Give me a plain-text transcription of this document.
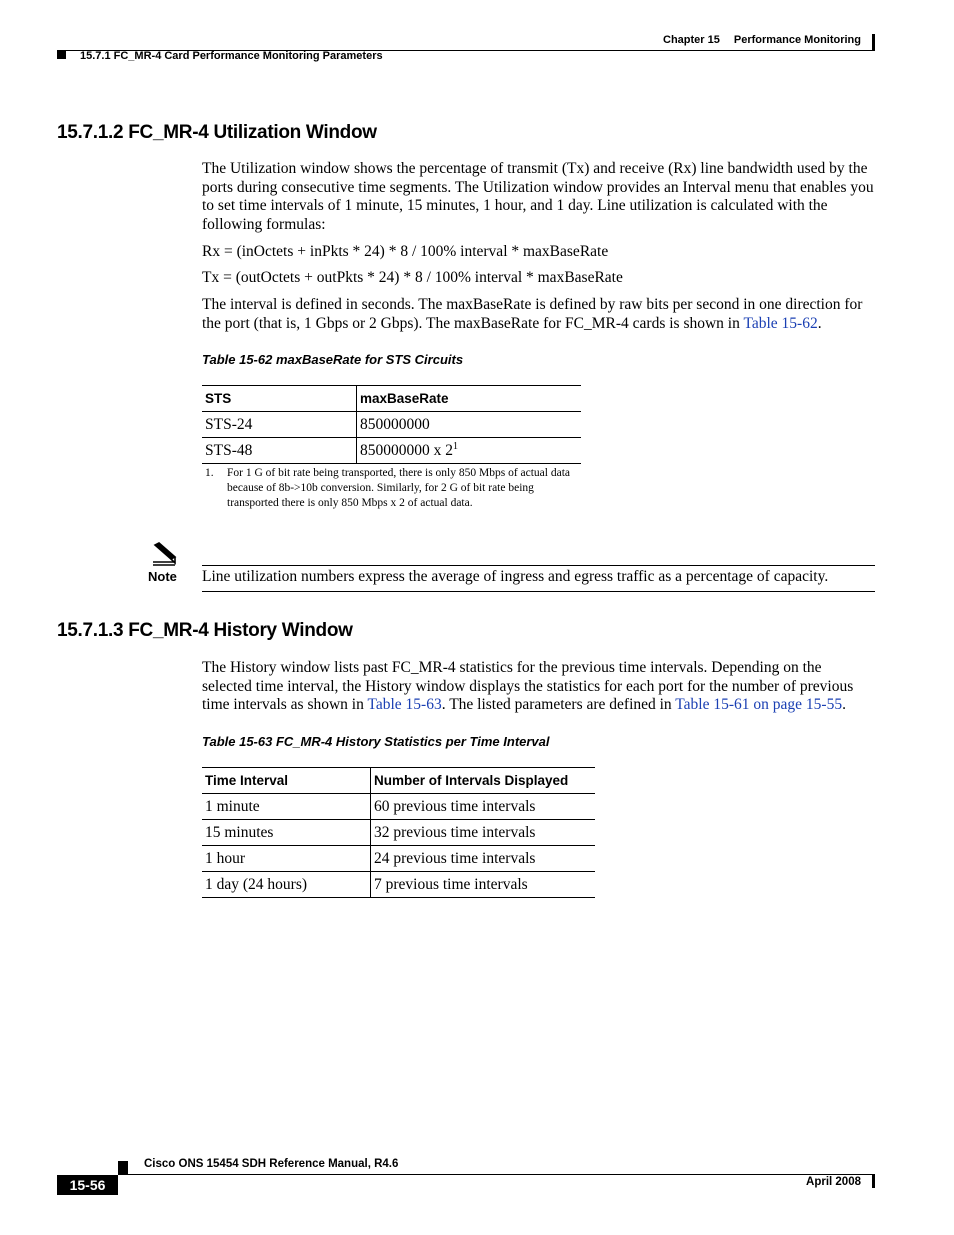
Chapter 15 Performance Monitoring
15.7.1 FC_MR-4 Card Performance Monitoring Parameters
15.7.1.2 FC_MR-4 Utilization Window

The Utilization window shows the percentage of transmit (Tx) and receive (Rx) line bandwidth used by the ports during consecutive time segments. The Utilization window provides an Interval menu that enables you to set time intervals of 1 minute, 15 minutes, 1 hour, and 1 day. Line utilization is calculated with the following formulas:

Rx = (inOctets + inPkts * 24) * 8 / 100% interval * maxBaseRate

Tx = (outOctets + outPkts * 24) * 8 / 100% interval * maxBaseRate

The interval is defined in seconds. The maxBaseRate is defined by raw bits per second in one direction for the port (that is, 1 Gbps or 2 Gbps). The maxBaseRate for FC_MR-4 cards is shown in Table 15-62.

Table 15-62 maxBaseRate for STS Circuits
STS	maxBaseRate
STS-24	850000000
STS-48	850000000 x $2^1$
1. For 1 G of bit rate being transported, there is only 850 Mbps of actual data because of 8b->10b conversion. Similarly, for 2 G of bit rate being transported there is only 850 Mbps x 2 of actual data.
Note Line utilization numbers express the average of ingress and egress traffic as a percentage of capacity.
15.7.1.3 FC_MR-4 History Window

The History window lists past FC_MR-4 statistics for the previous time intervals. Depending on the selected time interval, the History window displays the statistics for each port for the number of previous time intervals as shown in Table 15-63. The listed parameters are defined in Table 15-61 on page 15-55.

Table 15-63 FC_MR-4 History Statistics per Time Interval
Time Interval	Number of Intervals Displayed
1 minute	60 previous time intervals
15 minutes	32 previous time intervals
1 hour	24 previous time intervals
1 day (24 hours)	7 previous time intervals
Cisco ONS 15454 SDH Reference Manual, R4.6
15-56	April 2008
